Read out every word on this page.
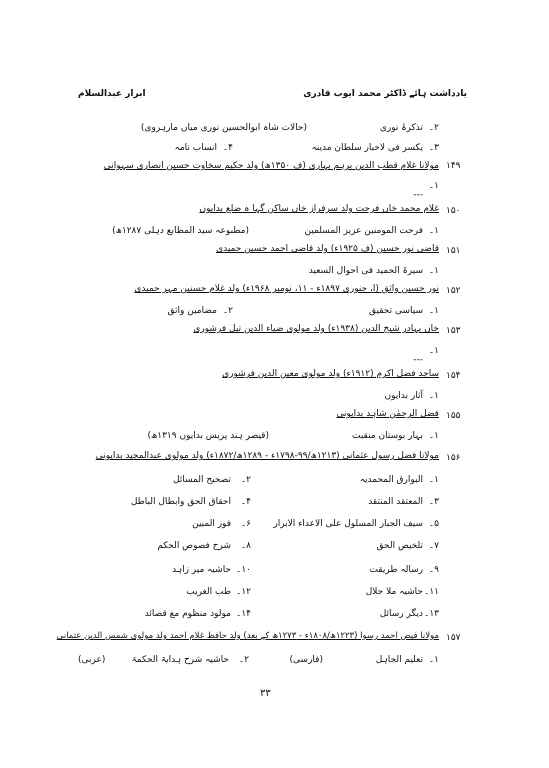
یادداشت ہائے ڈاکٹر محمد ایوب قادری
ابرار عبدالسلام
۲۔
تذکرۂ نوری
(حالات شاہ ابوالحسین نوری میاں مارہروی)
۳۔
یکسر فی لاخبار سلطان مدینہ
۴۔
انساب نامہ
۱۴۹
مولانا غلام قطب الدین برہم بہاری (ف ۱۳۵۰ھ) ولد حکیم سخاوت حسین انصاری سہوانی
۱۔
---
۱۵۰
غلام محمد خاں فرحت ولد سرفراز خاں ساکن گہا ہ ضلع بدایوں
۱۔
فرحت المومنین عزیز المسلمین
(مطبوعہ سید المطابع دہلی ۱۲۸۷ھ)
۱۵۱
قاضی نور حسین (ف ۱۹۲۵ء) ولد قاضی احمد حسین حمیدی
۱۔
سیرۃ الحمید فی احوال السعید
۱۵۲
نور حسین واثق (ا، جنوری ۱۸۹۷ء - ۱۱، نومبر ۱۹۶۸ء) ولد غلام حسنین مہر حمیدی
۱۔
سیاسی تحقیق
۲۔
مضامین واثق
۱۵۳
خاں بہادر شیخ الدین (۱۹۳۸ء) ولد مولوی ضیاء الدین تیل فرشوری
۱۔
---
۱۵۴
ساجد فضل اکرم (۱۹۱۲ء) ولد مولوی معین الدین فرشوری
۱۔
آثار بدایوں
۱۵۵
فضل الرحمٰن شاہد بدایونی
۱۔
بہار بوستان منقبت
(قیصر ہند پریس بدایوں ۱۳۱۹ھ)
۱۵۶
مولانا فضل رسول عثمانی (۱۲۱۳ھ/۹۹-۱۷۹۸ء - ۱۲۸۹ھ/۱۸۷۲ء) ولد مولوی عبدالمجید بدایونی
۱۔
البوارق المحمدیہ
۲۔
تصحیح المسائل
۳۔
المعتقد المنتقد
۴۔
احقاق الحق وابطال الباطل
۵۔
سیف الجبار المسلول علی الاعداء الابرار
۶۔
فوز المبین
۷۔
تلخیص الحق
۸۔
شرح فصوص الحکم
۹۔
رسالہ طریقت
۱۰۔
حاشیہ میر زاہد
۱۱۔
حاشیہ ملا جلال
۱۲۔
طب الغریب
۱۳۔
دیگر رسائل
۱۴۔
مولود منظوم مع قصائد
۱۵۷
مولانا فیض احمد رسوا (۱۲۲۳ھ/۱۸۰۸ء - ۱۲۷۳ھ کے بعد) ولد حافظ غلام احمد ولد مولوی شمس الدین عثمانی
۱۔
تعلیم الجاہل
(فارسی)
۲۔
حاشیہ شرح ہدایۃ الحکمۃ
(عربی)
۳۳
